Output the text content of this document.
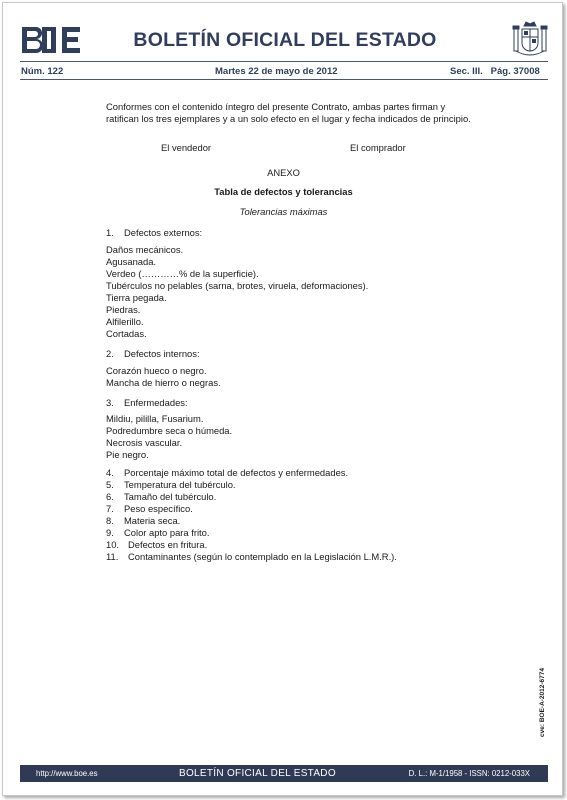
BOLETÍN OFICIAL DEL ESTADO
Núm. 122	Martes 22 de mayo de 2012	Sec. III.   Pág. 37008
Conformes con el contenido íntegro del presente Contrato, ambas partes firman y ratifican los tres ejemplares y a un solo efecto en el lugar y fecha indicados de principio.
El vendedor	El comprador
ANEXO
Tabla de defectos y tolerancias
Tolerancias máximas
1. Defectos externos:
Daños mecánicos.
Agusanada.
Verdeo (…………% de la superficie).
Tubérculos no pelables (sarna, brotes, viruela, deformaciones).
Tierra pegada.
Piedras.
Alfilerillo.
Cortadas.
2. Defectos internos:
Corazón hueco o negro.
Mancha de hierro o negras.
3. Enfermedades:
Mildiu, pililla, Fusarium.
Podredumbre seca o húmeda.
Necrosis vascular.
Pie negro.
4. Porcentaje máximo total de defectos y enfermedades.
5. Temperatura del tubérculo.
6. Tamaño del tubérculo.
7. Peso específico.
8. Materia seca.
9. Color apto para frito.
10. Defectos en fritura.
11. Contaminantes (según lo contemplado en la Legislación L.M.R.).
cve: BOE-A-2012-6774
http://www.boe.es	BOLETÍN OFICIAL DEL ESTADO	D. L.: M-1/1958 - ISSN: 0212-033X
